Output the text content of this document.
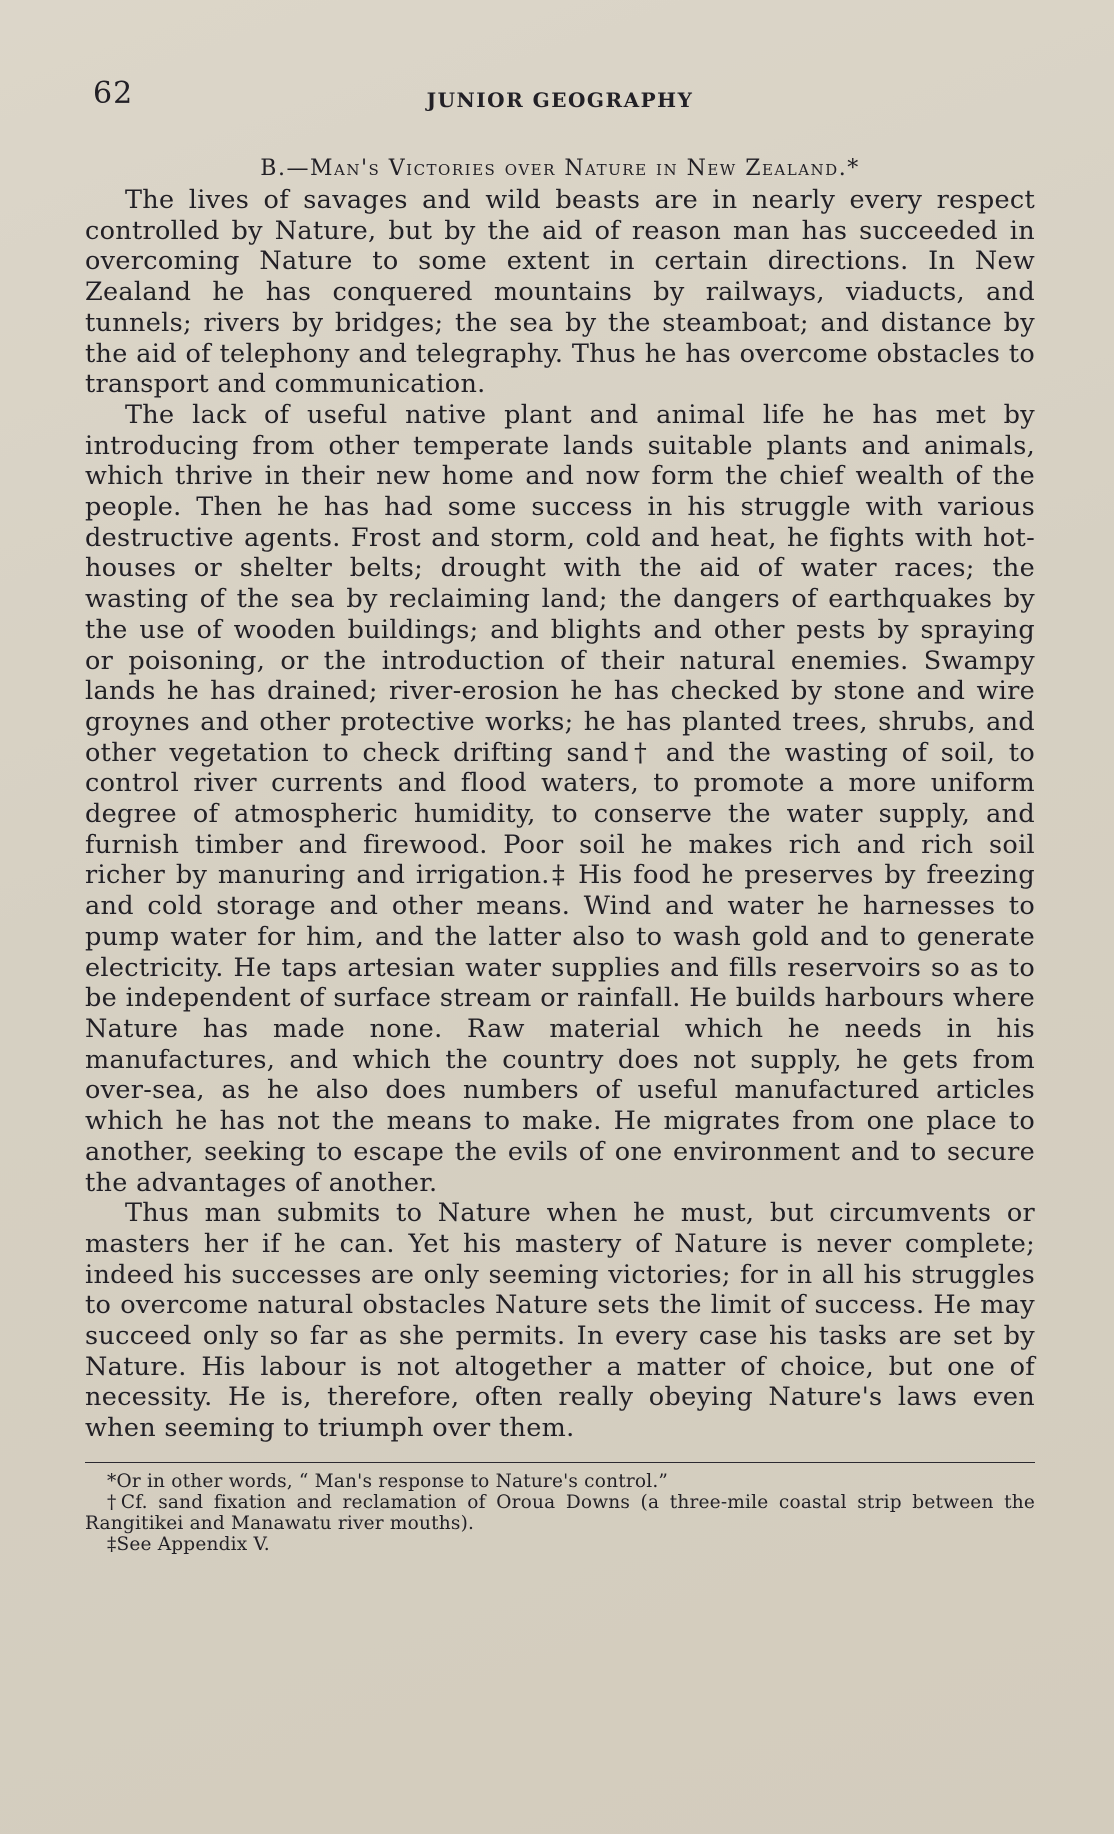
62	JUNIOR GEOGRAPHY
B.—Man's Victories over Nature in New Zealand.*

The lives of savages and wild beasts are in nearly every respect controlled by Nature, but by the aid of reason man has succeeded in overcoming Nature to some extent in certain directions. In New Zealand he has conquered mountains by railways, viaducts, and tunnels; rivers by bridges; the sea by the steamboat; and distance by the aid of telephony and telegraphy. Thus he has overcome obstacles to transport and communication.

The lack of useful native plant and animal life he has met by introducing from other temperate lands suitable plants and animals, which thrive in their new home and now form the chief wealth of the people. Then he has had some success in his struggle with various destructive agents. Frost and storm, cold and heat, he fights with hot-houses or shelter belts; drought with the aid of water races; the wasting of the sea by reclaiming land; the dangers of earthquakes by the use of wooden buildings; and blights and other pests by spraying or poisoning, or the introduction of their natural enemies. Swampy lands he has drained; river-erosion he has checked by stone and wire groynes and other protective works; he has planted trees, shrubs, and other vegetation to check drifting sand† and the wasting of soil, to control river currents and flood waters, to promote a more uniform degree of atmospheric humidity, to conserve the water supply, and furnish timber and firewood. Poor soil he makes rich and rich soil richer by manuring and irrigation.‡ His food he preserves by freezing and cold storage and other means. Wind and water he harnesses to pump water for him, and the latter also to wash gold and to generate electricity. He taps artesian water supplies and fills reservoirs so as to be independent of surface stream or rainfall. He builds harbours where Nature has made none. Raw material which he needs in his manufactures, and which the country does not supply, he gets from over-sea, as he also does numbers of useful manufactured articles which he has not the means to make. He migrates from one place to another, seeking to escape the evils of one environment and to secure the advantages of another.

Thus man submits to Nature when he must, but circumvents or masters her if he can. Yet his mastery of Nature is never complete; indeed his successes are only seeming victories; for in all his struggles to overcome natural obstacles Nature sets the limit of success. He may succeed only so far as she permits. In every case his tasks are set by Nature. His labour is not altogether a matter of choice, but one of necessity. He is, therefore, often really obeying Nature's laws even when seeming to triumph over them.

*Or in other words, “ Man's response to Nature's control.”

†Cf. sand fixation and reclamation of Oroua Downs (a three-mile coastal strip between the Rangitikei and Manawatu river mouths).

‡See Appendix V.
